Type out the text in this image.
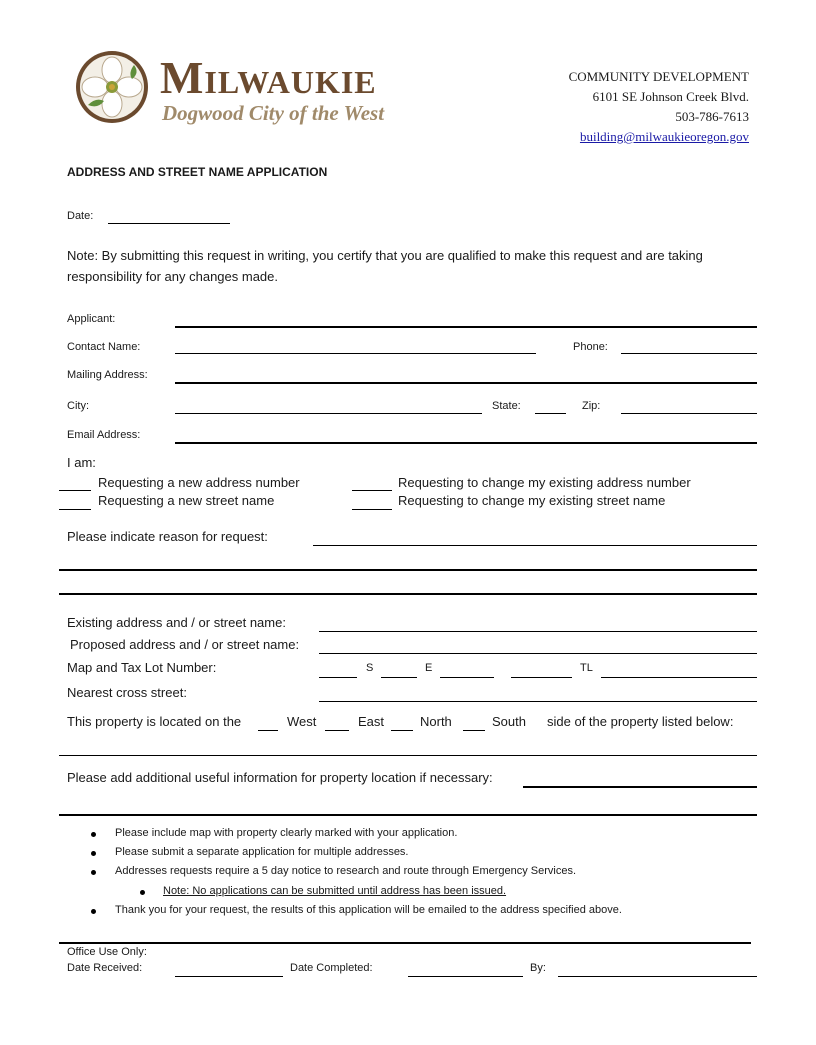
Milwaukie
Dogwood City of the West
COMMUNITY DEVELOPMENT
6101 SE Johnson Creek Blvd.
503-786-7613
building@milwaukieoregon.gov
ADDRESS AND STREET NAME APPLICATION
Date:
Note: By submitting this request in writing, you certify that you are qualified to make this request and are taking responsibility for any changes made.
Applicant:
Contact Name:	Phone:
Mailing Address:
City:	State:	Zip:
Email Address:
I am:
Requesting a new address number	Requesting to change my existing address number
Requesting a new street name	Requesting to change my existing street name
Please indicate reason for request:
Existing address and / or street name:
Proposed address and / or street name:
Map and Tax Lot Number:	S	E	TL
Nearest cross street:
This property is located on the	West	East	North	South side of the property listed below:
Please add additional useful information for property location if necessary:
Please include map with property clearly marked with your application.
Please submit a separate application for multiple addresses.
Addresses requests require a 5 day notice to research and route through Emergency Services.
Note: No applications can be submitted until address has been issued.
Thank you for your request, the results of this application will be emailed to the address specified above.
Office Use Only:
Date Received:	Date Completed:	By:
